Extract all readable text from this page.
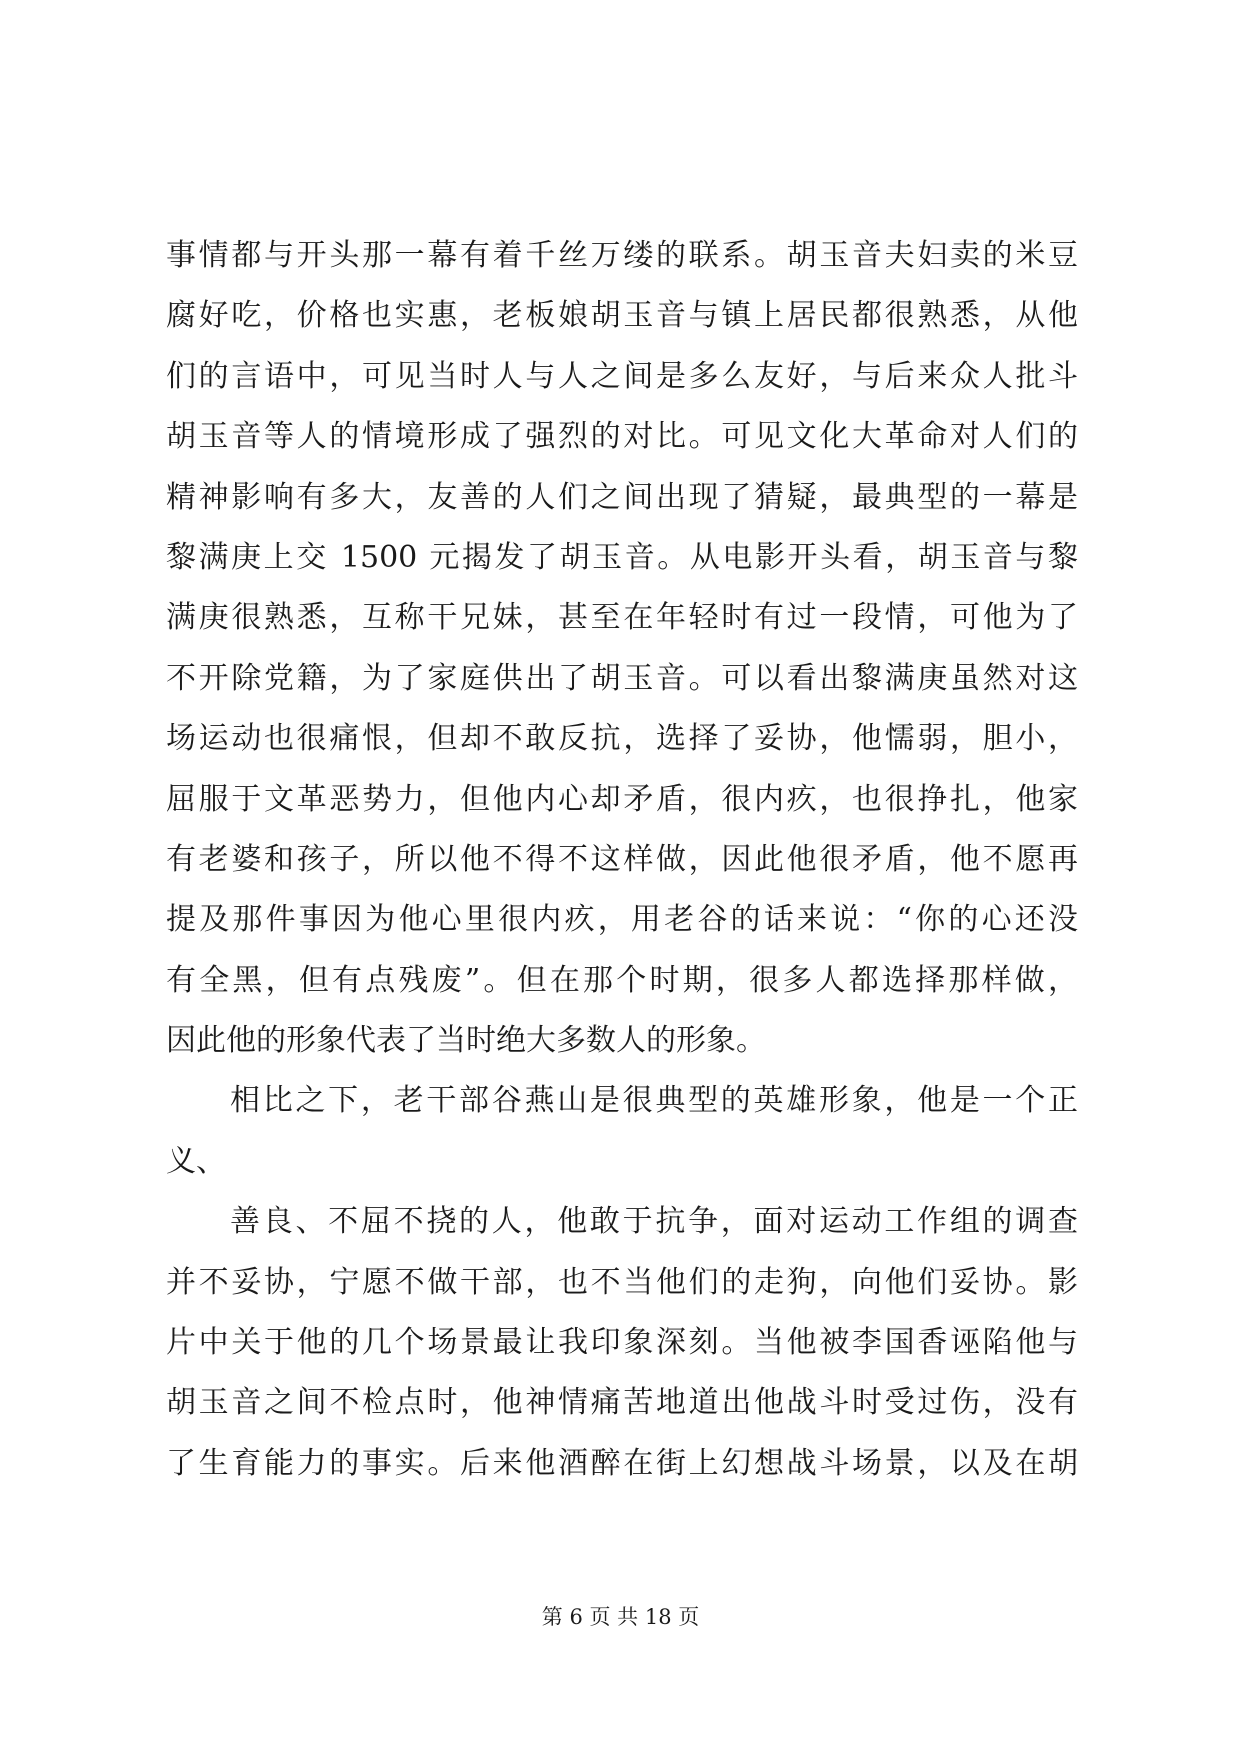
事情都与开头那一幕有着千丝万缕的联系。胡玉音夫妇卖的米豆
腐好吃，价格也实惠，老板娘胡玉音与镇上居民都很熟悉，从他
们的言语中，可见当时人与人之间是多么友好，与后来众人批斗
胡玉音等人的情境形成了强烈的对比。可见文化大革命对人们的
精神影响有多大，友善的人们之间出现了猜疑，最典型的一幕是
黎满庚上交 1500 元揭发了胡玉音。从电影开头看，胡玉音与黎
满庚很熟悉，互称干兄妹，甚至在年轻时有过一段情，可他为了
不开除党籍，为了家庭供出了胡玉音。可以看出黎满庚虽然对这
场运动也很痛恨，但却不敢反抗，选择了妥协，他懦弱，胆小，
屈服于文革恶势力，但他内心却矛盾，很内疚，也很挣扎，他家
有老婆和孩子，所以他不得不这样做，因此他很矛盾，他不愿再
提及那件事因为他心里很内疚，用老谷的话来说：“你的心还没
有全黑，但有点残废”。但在那个时期，很多人都选择那样做，
因此他的形象代表了当时绝大多数人的形象。
相比之下，老干部谷燕山是很典型的英雄形象，他是一个正
义、
善良、不屈不挠的人，他敢于抗争，面对运动工作组的调查
并不妥协，宁愿不做干部，也不当他们的走狗，向他们妥协。影
片中关于他的几个场景最让我印象深刻。当他被李国香诬陷他与
胡玉音之间不检点时，他神情痛苦地道出他战斗时受过伤，没有
了生育能力的事实。后来他酒醉在街上幻想战斗场景，以及在胡
第 6 页 共 18 页
